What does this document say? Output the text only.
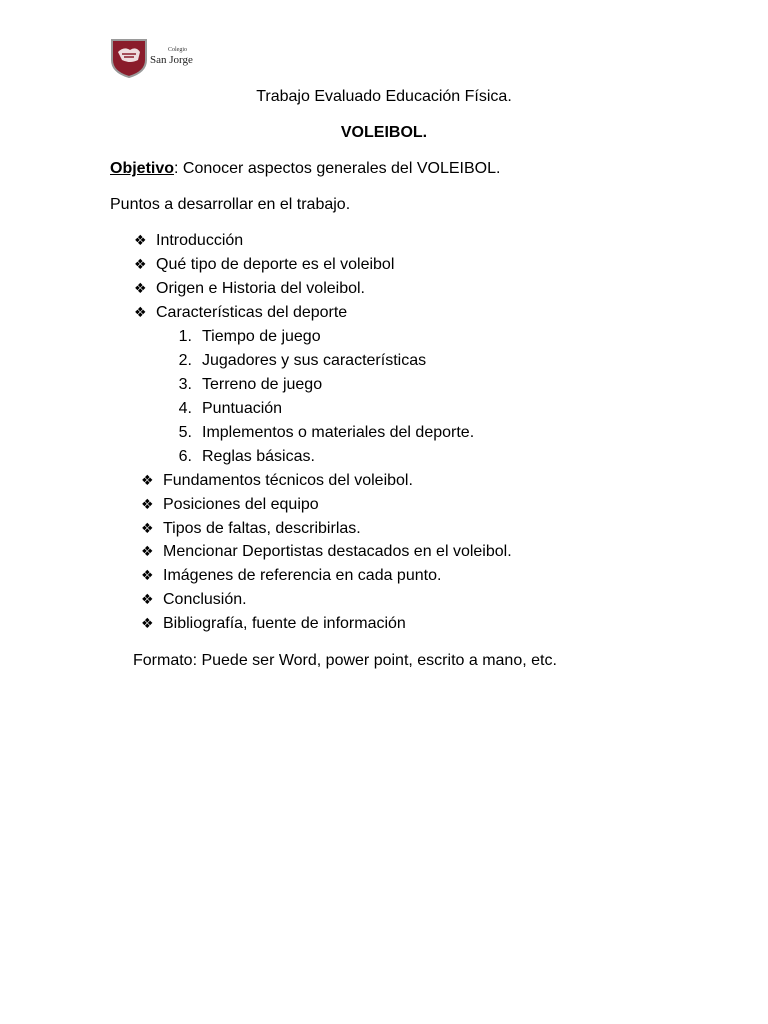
Colegio
San Jorge
Trabajo Evaluado Educación Física.
VOLEIBOL.
Objetivo: Conocer aspectos generales del VOLEIBOL.
Puntos a desarrollar en el trabajo.
❖ Introducción
❖ Qué tipo de deporte es el voleibol
❖ Origen e Historia del voleibol.
❖ Características del deporte
1. Tiempo de juego
2. Jugadores y sus características
3. Terreno de juego
4. Puntuación
5. Implementos o materiales del deporte.
6. Reglas básicas.
❖ Fundamentos técnicos del voleibol.
❖ Posiciones del equipo
❖ Tipos de faltas, describirlas.
❖ Mencionar Deportistas destacados en el voleibol.
❖ Imágenes de referencia en cada punto.
❖ Conclusión.
❖ Bibliografía, fuente de información
Formato: Puede ser Word, power point, escrito a mano, etc.
